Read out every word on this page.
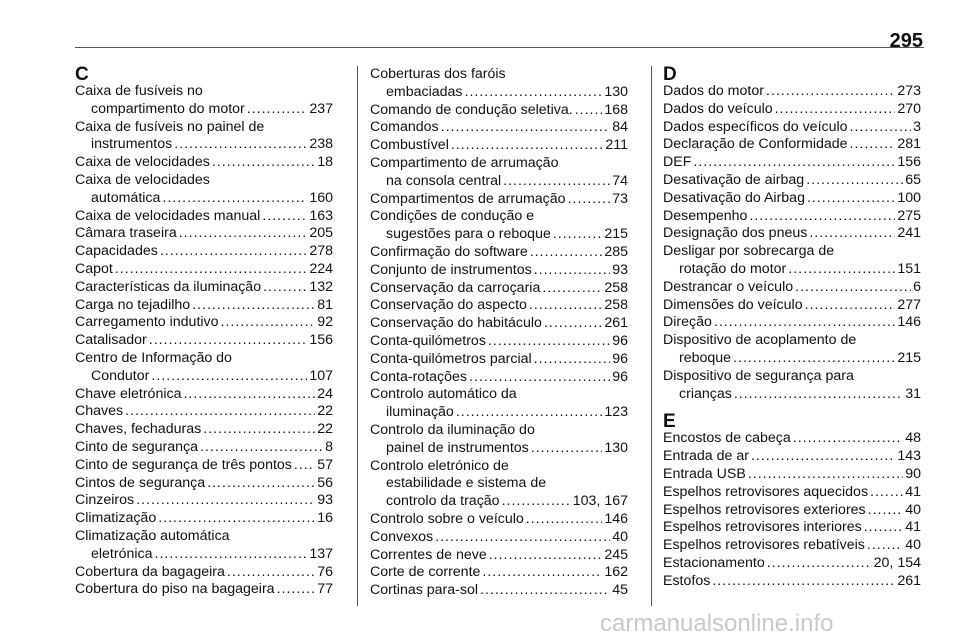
295
C
Caixa de fusíveis no
compartimento do motor .....	237
Caixa de fusíveis no painel de
instrumentos .....	238
Caixa de velocidades .....	18
Caixa de velocidades
automática .....	160
Caixa de velocidades manual .....	163
Câmara traseira .....	205
Capacidades .....	278
Capot .....	224
Características da iluminação .....	132
Carga no tejadilho .....	81
Carregamento indutivo .....	92
Catalisador .....	156
Centro de Informação do
Condutor .....	107
Chave eletrónica .....	24
Chaves .....	22
Chaves, fechaduras .....	22
Cinto de segurança .....	8
Cinto de segurança de três pontos ..... 57
Cintos de segurança .....	56
Cinzeiros .....	93
Climatização .....	16
Climatização automática
eletrónica .....	137
Cobertura da bagageira .....	76
Cobertura do piso na bagageira .....	77
Coberturas dos faróis
embaciadas .....	130
Comando de condução seletiva. ..... 168
Comandos .....	84
Combustível .....	211
Compartimento de arrumação
na consola central .....	74
Compartimentos de arrumação .....	73
Condições de condução e
sugestões para o reboque .....	215
Confirmação do software .....	285
Conjunto de instrumentos .....	93
Conservação da carroçaria .....	258
Conservação do aspecto .....	258
Conservação do habitáculo .....	261
Conta-quilómetros .....	96
Conta-quilómetros parcial .....	96
Conta-rotações .....	96
Controlo automático da
iluminação .....	123
Controlo da iluminação do
painel de instrumentos .....	130
Controlo eletrónico de
estabilidade e sistema de
controlo da tração .....	103, 167
Controlo sobre o veículo .....	146
Convexos .....	40
Correntes de neve .....	245
Corte de corrente .....	162
Cortinas para-sol .....	45
D
Dados do motor .....	273
Dados do veículo .....	270
Dados específicos do veículo .....	3
Declaração de Conformidade .....	281
DEF .....	156
Desativação de airbag .....	65
Desativação do Airbag .....	100
Desempenho .....	275
Designação dos pneus .....	241
Desligar por sobrecarga de
rotação do motor .....	151
Destrancar o veículo .....	6
Dimensões do veículo .....	277
Direção .....	146
Dispositivo de acoplamento de
reboque .....	215
Dispositivo de segurança para
crianças .....	31
E
Encostos de cabeça .....	48
Entrada de ar .....	143
Entrada USB .....	90
Espelhos retrovisores aquecidos .....	41
Espelhos retrovisores exteriores .....	40
Espelhos retrovisores interiores .....	41
Espelhos retrovisores rebatíveis .....	40
Estacionamento .....	20, 154
Estofos .....	261
carmanualsonline.info
